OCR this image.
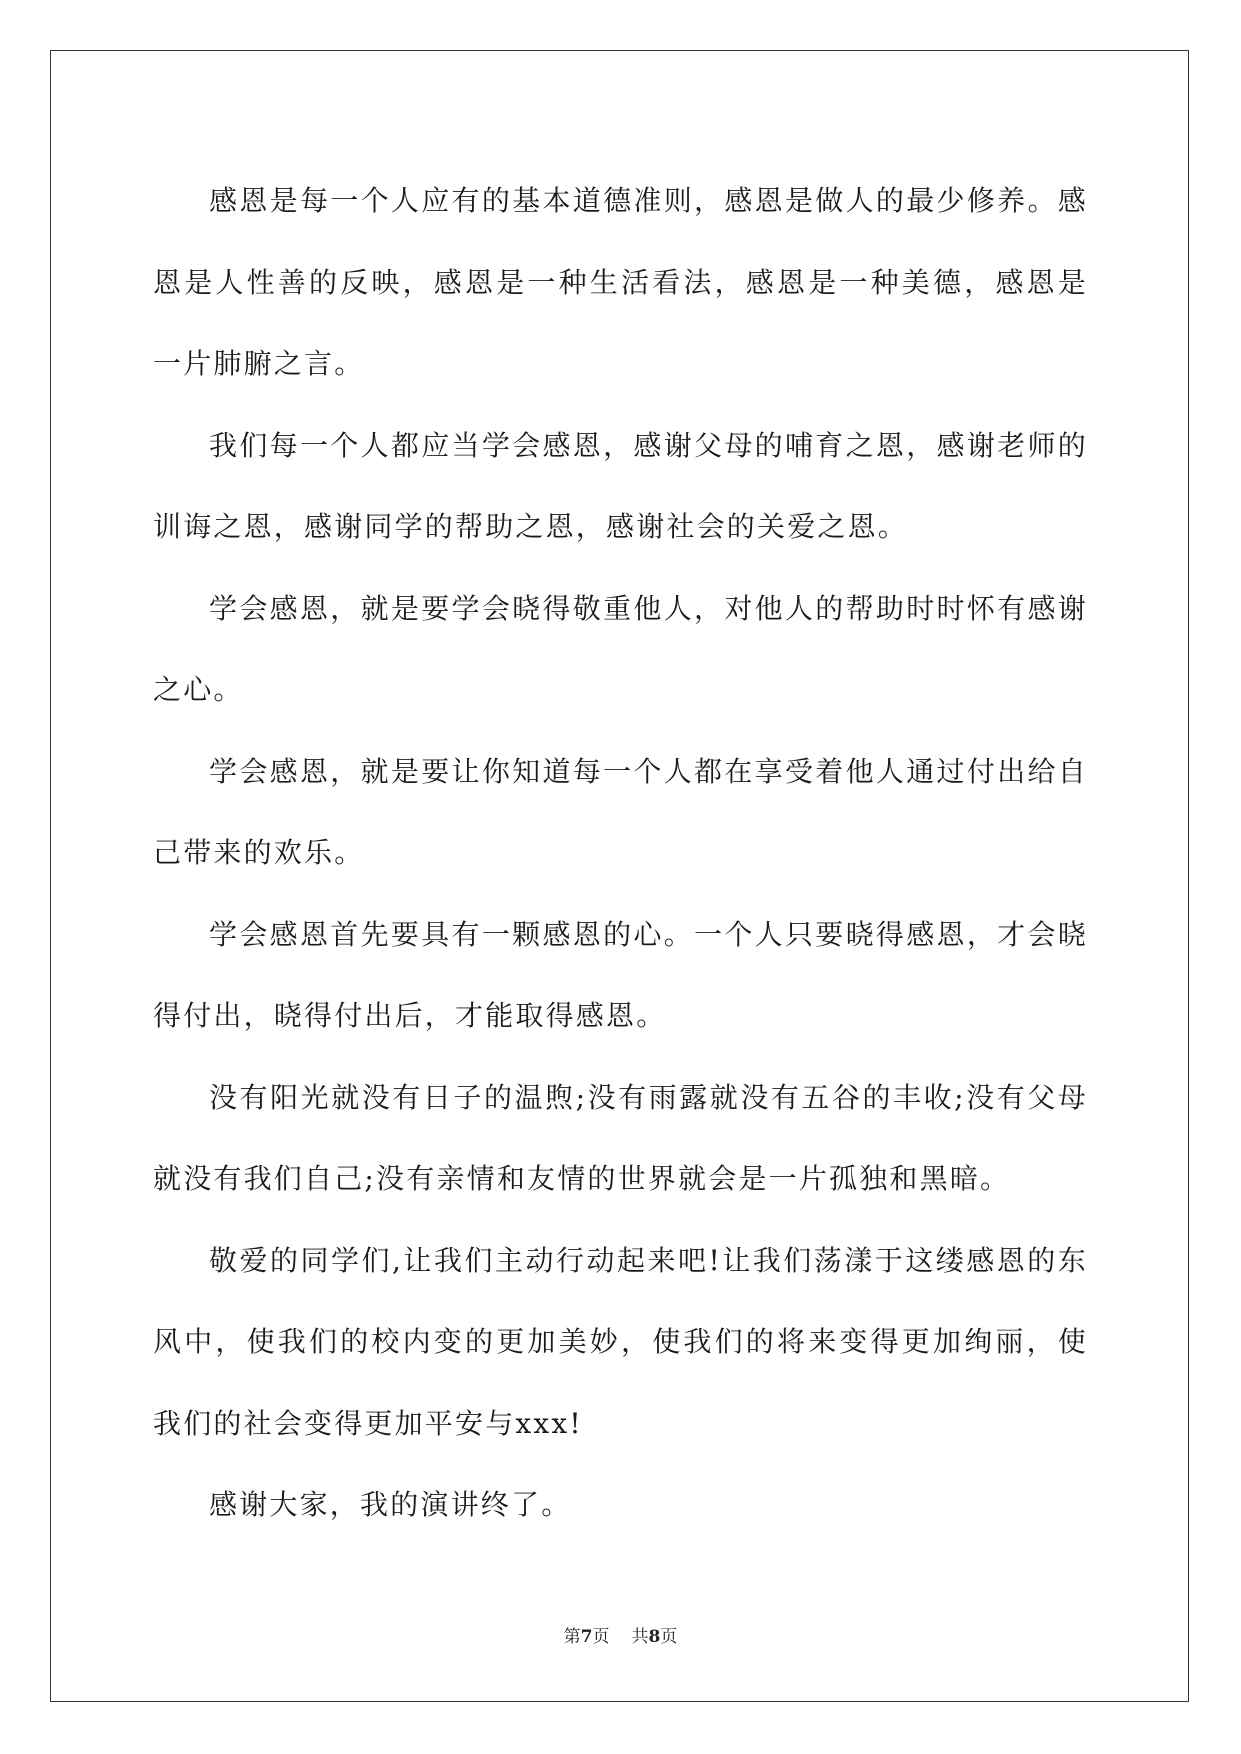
感恩是每一个人应有的基本道德准则，感恩是做人的最少修养。感恩是人性善的反映，感恩是一种生活看法，感恩是一种美德，感恩是一片肺腑之言。

我们每一个人都应当学会感恩，感谢父母的哺育之恩，感谢老师的训诲之恩，感谢同学的帮助之恩，感谢社会的关爱之恩。

学会感恩，就是要学会晓得敬重他人，对他人的帮助时时怀有感谢之心。

学会感恩，就是要让你知道每一个人都在享受着他人通过付出给自己带来的欢乐。

学会感恩首先要具有一颗感恩的心。一个人只要晓得感恩，才会晓得付出，晓得付出后，才能取得感恩。

没有阳光就没有日子的温煦;没有雨露就没有五谷的丰收;没有父母就没有我们自己;没有亲情和友情的世界就会是一片孤独和黑暗。

敬爱的同学们,让我们主动行动起来吧!让我们荡漾于这缕感恩的东风中，使我们的校内变的更加美妙，使我们的将来变得更加绚丽，使我们的社会变得更加平安与xxx!

感谢大家，我的演讲终了。

第7页 共8页
